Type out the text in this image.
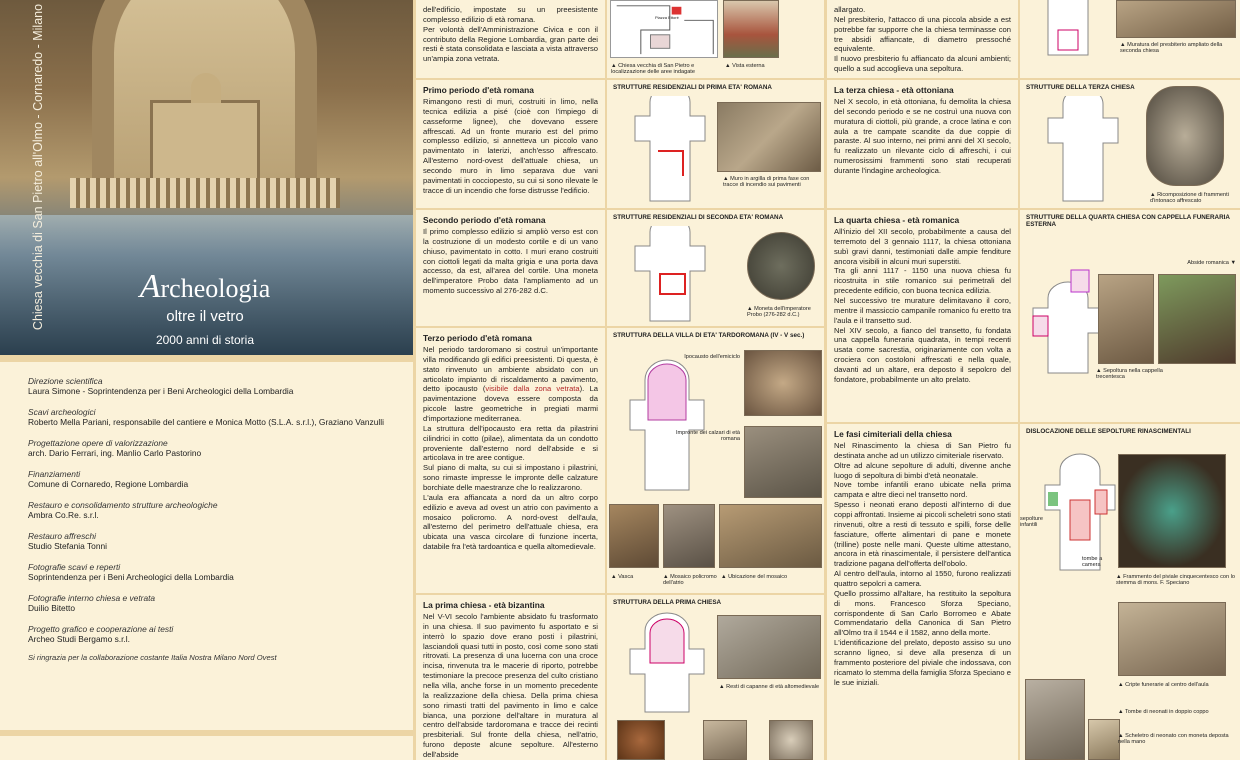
Chiesa vecchia di San Pietro all'Olmo - Cornaredo - Milano	Archeologia
oltre il vetro
2000 anni di storia
Direzione scientifica
Laura Simone - Soprintendenza per i Beni Archeologici della Lombardia
Scavi archeologici
Roberto Mella Pariani, responsabile del cantiere e Monica Motto (S.L.A. s.r.l.), Graziano Vanzulli
Progettazione opere di valorizzazione
arch. Dario Ferrari, ing. Manlio Carlo Pastorino
Finanziamenti
Comune di Cornaredo, Regione Lombardia
Restauro e consolidamento strutture archeologiche
Ambra Co.Re. s.r.l.
Restauro affreschi
Studio Stefania Tonni
Fotografie scavi e reperti
Soprintendenza per i Beni Archeologici della Lombardia
Fotografie interno chiesa e vetrata
Duilio Bitetto
Progetto grafico e cooperazione ai testi
Archeo Studi Bergamo s.r.l.
Si ringrazia per la collaborazione costante Italia Nostra Milano Nord Ovest

dell'edificio, impostate su un preesistente complesso edilizio di età romana.
Per volontà dell'Amministrazione Civica e con il contributo della Regione Lombardia, gran parte dei resti è stata consolidata e lasciata a vista attraverso un'ampia zona vetrata.

Primo periodo d'età romana

Rimangono resti di muri, costruiti in limo, nella tecnica edilizia a pisé (cioè con l'impiego di casseforme lignee), che dovevano essere affrescati. Ad un fronte murario est del primo complesso edilizio, si annetteva un piccolo vano pavimentato in laterizi, anch'esso affrescato. All'esterno nord-ovest dell'attuale chiesa, un secondo muro in limo separava due vani pavimentati in cocciopesto, su cui si sono rilevate le tracce di un incendio che forse distrusse l'edificio.

Secondo periodo d'età romana

Il primo complesso edilizio si ampliò verso est con la costruzione di un modesto cortile e di un vano chiuso, pavimentato in cotto. I muri erano costruiti con ciottoli legati da malta grigia e una porta dava accesso, da est, all'area del cortile. Una moneta dell'imperatore Probo data l'ampliamento ad un momento successivo al 276-282 d.C.

Terzo periodo d'età romana

Nel periodo tardoromano si costruì un'importante villa modificando gli edifici preesistenti. Di questa, è stato rinvenuto un ambiente absidato con un articolato impianto di riscaldamento a pavimento, detto ipocausto (visibile dalla zona vetrata). La pavimentazione doveva essere composta da piccole lastre geometriche in pregiati marmi d'importazione mediterranea.
La struttura dell'ipocausto era retta da pilastrini cilindrici in cotto (pilae), alimentata da un condotto proveniente dall'esterno nord dell'abside e si articolava in tre aree contigue.
Sul piano di malta, su cui si impostano i pilastrini, sono rimaste impresse le impronte delle calzature borchiate delle maestranze che lo realizzarono.
L'aula era affiancata a nord da un altro corpo edilizio e aveva ad ovest un atrio con pavimento a mosaico policromo. A nord-ovest dell'aula, all'esterno del perimetro dell'attuale chiesa, era ubicata una vasca circolare di funzione incerta, databile fra l'età tardoantica e quella altomedievale.

La prima chiesa - età bizantina

Nel V-VI secolo l'ambiente absidato fu trasformato in una chiesa. Il suo pavimento fu asportato e si interrò lo spazio dove erano posti i pilastrini, lasciandoli quasi tutti in posto, così come sono stati ritrovati. La presenza di una lucerna con una croce incisa, rinvenuta tra le macerie di riporto, potrebbe testimoniare la precoce presenza del culto cristiano nella villa, anche forse in un momento precedente la realizzazione della chiesa. Della prima chiesa sono rimasti tratti del pavimento in limo e calce bianca, una porzione dell'altare in muratura al centro dell'abside tardoromana e tracce dei recinti presbiteriali. Sul fronte della chiesa, nell'atrio, furono deposte alcune sepolture. All'esterno dell'abside

Piazza Ettoré
▲ Chiesa vecchia di San Pietro e localizzazione delle aree indagate
▲ Vista esterna
STRUTTURE RESIDENZIALI DI PRIMA ETA' ROMANA
▲ Muro in argilla di prima fase con tracce di incendio sui pavimenti
STRUTTURE RESIDENZIALI DI SECONDA ETA' ROMANA
▲ Moneta dell'imperatore Probo (276-282 d.C.)
STRUTTURA DELLA VILLA DI ETA' TARDOROMANA (IV - V sec.)
Ipocausto dell'emiciclo
Impronte dei calzari di età romana
▲ Vasca
▲	Mosaico policromo dell'atrio
▲ Ubicazione del mosaico
STRUTTURA DELLA PRIMA CHIESA
▲ Resti di capanne di età altomedievale

allargato.
Nel presbiterio, l'attacco di una piccola abside a est potrebbe far supporre che la chiesa terminasse con tre absidi affiancate, di diametro pressoché equivalente.
Il nuovo presbiterio fu affiancato da alcuni ambienti; quello a sud accoglieva una sepoltura.

La terza chiesa - età ottoniana

Nel X secolo, in età ottoniana, fu demolita la chiesa del secondo periodo e se ne costruì una nuova con muratura di ciottoli, più grande, a croce latina e con aula a tre campate scandite da due coppie di paraste. Al suo interno, nei primi anni del XI secolo, fu realizzato un rilevante ciclo di affreschi, i cui numerosissimi frammenti sono stati recuperati durante l'indagine archeologica.

La quarta chiesa - età romanica

All'inizio del XII secolo, probabilmente a causa del terremoto del 3 gennaio 1117, la chiesa ottoniana subì gravi danni, testimoniati dalle ampie fenditure ancora visibili in alcuni muri superstiti.
Tra gli anni 1117 - 1150 una nuova chiesa fu ricostruita in stile romanico sui perimetrali del precedente edificio, con buona tecnica edilizia.
Nel successivo tre murature delimitavano il coro, mentre il massiccio campanile romanico fu eretto tra l'aula e il transetto sud.
Nel XIV secolo, a fianco del transetto, fu fondata una cappella funeraria quadrata, in tempi recenti usata come sacrestia, originariamente con volta a crociera con costoloni affrescati e nella quale, davanti ad un altare, era deposto il sepolcro del fondatore, probabilmente un alto prelato.

Le fasi cimiteriali della chiesa

Nel Rinascimento la chiesa di San Pietro fu destinata anche ad un utilizzo cimiteriale riservato.
Oltre ad alcune sepolture di adulti, divenne anche luogo di sepoltura di bimbi d'età neonatale.
Nove tombe infantili erano ubicate nella prima campata e altre dieci nel transetto nord.
Spesso i neonati erano deposti all'interno di due coppi affrontati. Insieme ai piccoli scheletri sono stati rinvenuti, oltre a resti di tessuto e spilli, forse delle fasciature, offerte alimentari di pane e monete (trilline) poste nelle mani. Queste ultime attestano, ancora in età rinascimentale, il persistere dell'antica tradizione pagana dell'offerta dell'obolo.
Al centro dell'aula, intorno al 1550, furono realizzati quattro sepolcri a camera.
Quello prossimo all'altare, ha restituito la sepoltura di mons. Francesco Sforza Speciano, corrispondente di San Carlo Borromeo e Abate Commendatario della Canonica di San Pietro all'Olmo tra il 1544 e il 1582, anno della morte.
L'identificazione del prelato, deposto assiso su uno scranno ligneo, si deve alla presenza di un frammento posteriore del piviale che indossava, con ricamato lo stemma della famiglia Sforza Speciano e le sue iniziali.

▲ Muratura del presbiterio ampliato della seconda chiesa
STRUTTURE DELLA TERZA CHIESA
▲ Ricomposizione di frammenti d'intonaco affrescato
STRUTTURE DELLA QUARTA CHIESA CON CAPPELLA FUNERARIA ESTERNA
Abside romanica ▼
▲ Sepoltura nella cappella trecentesca
DISLOCAZIONE DELLE SEPOLTURE RINASCIMENTALI
sepolture infantili
tombe a camera
▲ Frammento del piviale cinquecentesco con lo stemma di mons. F. Speciano
▲ Cripte funerarie al centro dell'aula
▲ Tombe di neonati in doppio coppo
▲ Scheletro di neonato con moneta deposta nella mano
